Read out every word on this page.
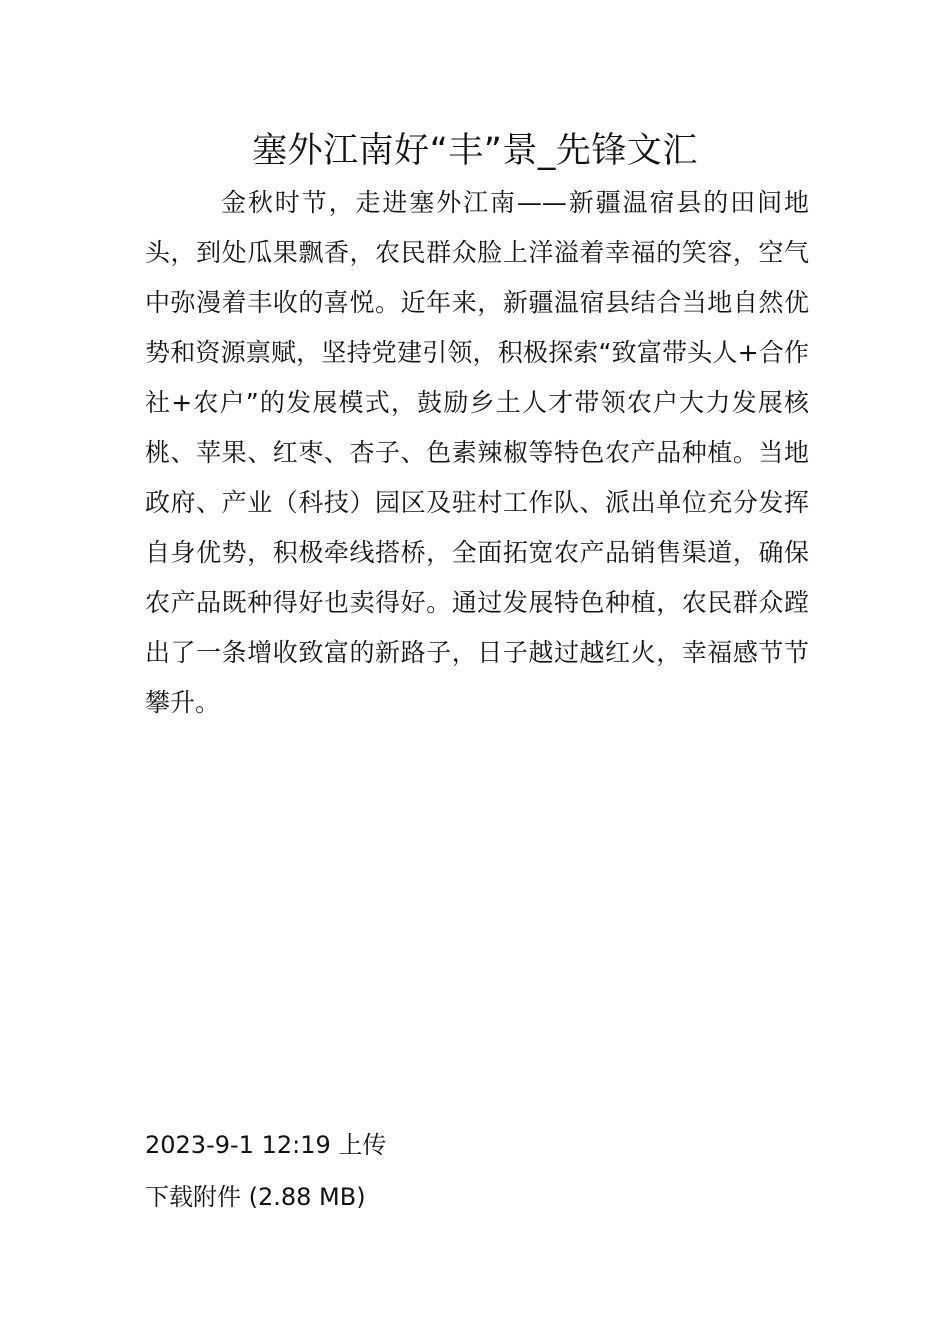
塞外江南好“丰”景_先锋文汇

金秋时节，走进塞外江南——新疆温宿县的田间地头，到处瓜果飘香，农民群众脸上洋溢着幸福的笑容，空气中弥漫着丰收的喜悦。近年来，新疆温宿县结合当地自然优势和资源禀赋，坚持党建引领，积极探索“致富带头人+合作社+农户”的发展模式，鼓励乡土人才带领农户大力发展核桃、苹果、红枣、杏子、色素辣椒等特色农产品种植。当地政府、产业（科技）园区及驻村工作队、派出单位充分发挥自身优势，积极牵线搭桥，全面拓宽农产品销售渠道，确保农产品既种得好也卖得好。通过发展特色种植，农民群众蹚出了一条增收致富的新路子，日子越过越红火，幸福感节节攀升。

2023-9-1 12:19 上传

下载附件 (2.88 MB)
